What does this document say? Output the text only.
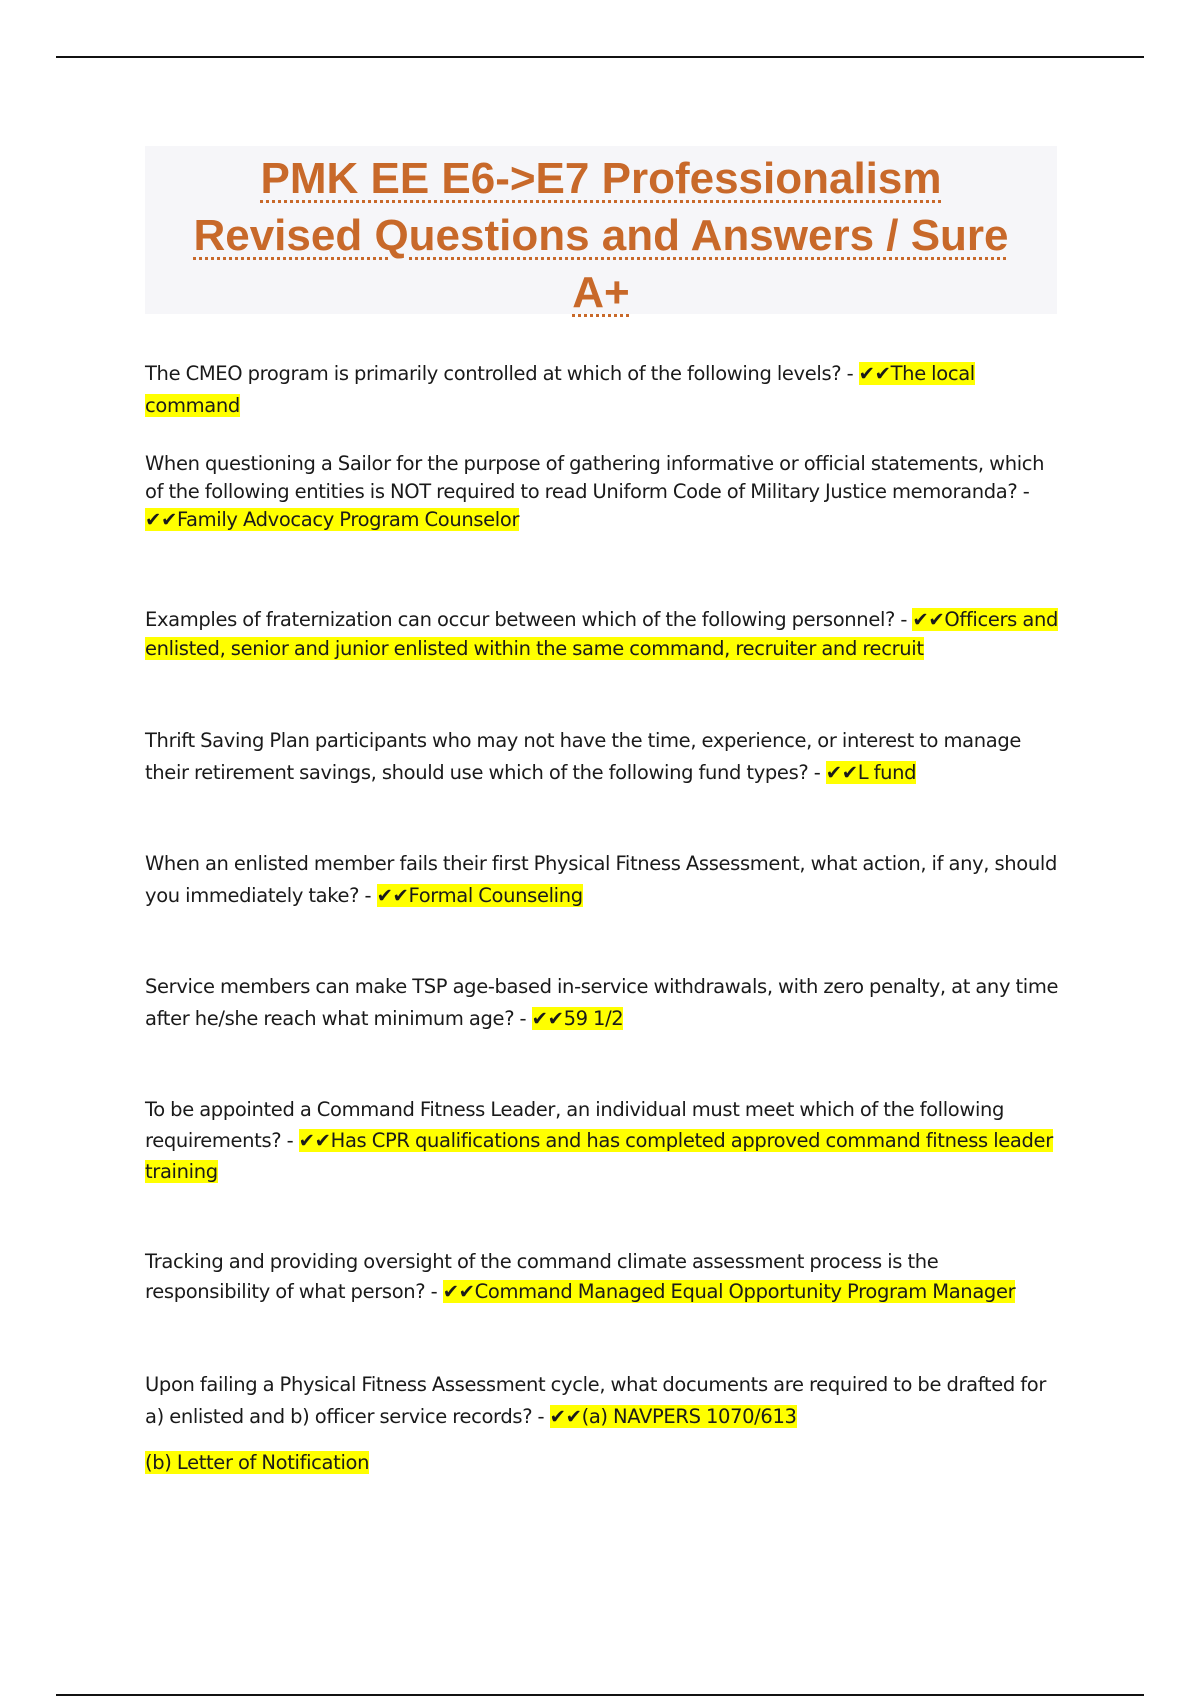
PMK EE E6->E7 Professionalism
Revised Questions and Answers / Sure
A+

The CMEO program is primarily controlled at which of the following levels? - ✔✔The local command

When questioning a Sailor for the purpose of gathering informative or official statements, which of the following entities is NOT required to read Uniform Code of Military Justice memoranda? - ✔✔Family Advocacy Program Counselor

Examples of fraternization can occur between which of the following personnel? - ✔✔Officers and enlisted, senior and junior enlisted within the same command, recruiter and recruit

Thrift Saving Plan participants who may not have the time, experience, or interest to manage their retirement savings, should use which of the following fund types? - ✔✔L fund

When an enlisted member fails their first Physical Fitness Assessment, what action, if any, should you immediately take? - ✔✔Formal Counseling

Service members can make TSP age-based in-service withdrawals, with zero penalty, at any time after he/she reach what minimum age? - ✔✔59 1/2

To be appointed a Command Fitness Leader, an individual must meet which of the following requirements? - ✔✔Has CPR qualifications and has completed approved command fitness leader training

Tracking and providing oversight of the command climate assessment process is the responsibility of what person? - ✔✔Command Managed Equal Opportunity Program Manager

Upon failing a Physical Fitness Assessment cycle, what documents are required to be drafted for a) enlisted and b) officer service records? - ✔✔(a) NAVPERS 1070/613

(b) Letter of Notification
